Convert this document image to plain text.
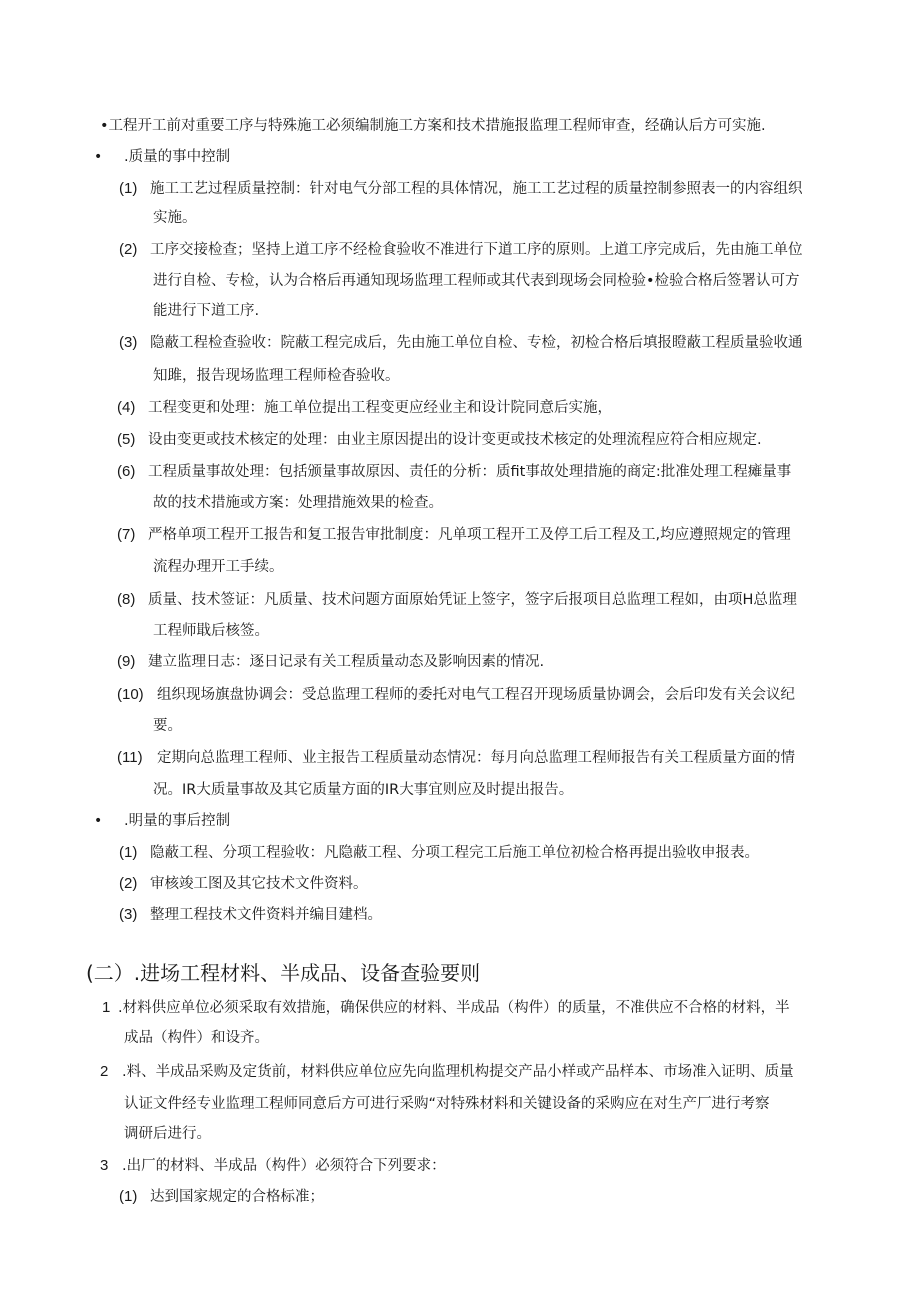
•工程开工前对重要工序与特殊施工必须编制施工方案和技术措施报监理工程师审查，经确认后方可实施.
• .质量的事中控制
(1) 施工工艺过程质量控制：针对电气分部工程的具体情况，施工工艺过程的质量控制参照表一的内容组织
实施。
(2) 工序交接检查；坚持上道工序不经检食验收不准进行下道工序的原则。上道工序完成后，先由施工单位
进行自检、专检，认为合格后再通知现场监理工程师或其代表到现场会同检验•检验合格后签署认可方
能进行下道工序.
(3) 隐蔽工程检查验收：院蔽工程完成后，先由施工单位自检、专检，初检合格后填报瞪蔽工程质量验收通
知雎，报告现场监理工程师检杳验收。
(4) 工程变更和处理：施工单位提出工程变更应经业主和设计院同意后实施，
(5) 设由变更或技术核定的处理：由业主原因提出的设计变更或技术核定的处理流程应符合相应规定.
(6) 工程质量事故处理：包括颁量事故原因、责任的分析：质fit事故处理措施的商定:批准处理工程瘫量事
故的技术措施或方案：处理措施效果的检查。
(7) 严格单项工程开工报告和复工报告审批制度：凡单项工程开工及停工后工程及工,均应遵照规定的管理
流程办理开工手续。
(8) 质量、技术签证：凡质量、技术问题方面原始凭证上签字，签字后报项目总监理工程如，由项H总监理
工程师戢后核签。
(9) 建立监理日志：逐日记录有关工程质量动态及影响因素的情况.
(10) 组织现场旗盘协调会：受总监理工程师的委托对电气工程召开现场质量协调会，会后印发有关会议纪
要。
(11) 定期向总监理工程师、业主报告工程质量动态情况：每月向总监理工程师报告有关工程质量方面的情
况。IR大质量事故及其它质量方面的IR大事宜则应及时提出报告。
• .明量的事后控制
(1) 隐蔽工程、分项工程验收：凡隐蔽工程、分项工程完工后施工单位初检合格再提出验收申报表。
(2) 审核竣工图及其它技术文件资料。
(3) 整理工程技术文件资料并编目建档。
(二）.进场工程材料、半成品、设备查验要则
1 .材料供应单位必须采取有效措施，确保供应的材料、半成品（构件）的质量，不准供应不合格的材料，半
成品（构件）和设齐。
2 .料、半成品采购及定货前，材料供应单位应先向监理机构提交产品小样或产品样本、市场准入证明、质量
认证文件经专业监理工程师同意后方可进行采购“对特殊材料和关键设备的采购应在对生产厂进行考察
调研后进行。
3 .出厂的材料、半成品（构件）必须符合下列要求：
(1) 达到国家规定的合格标准；
